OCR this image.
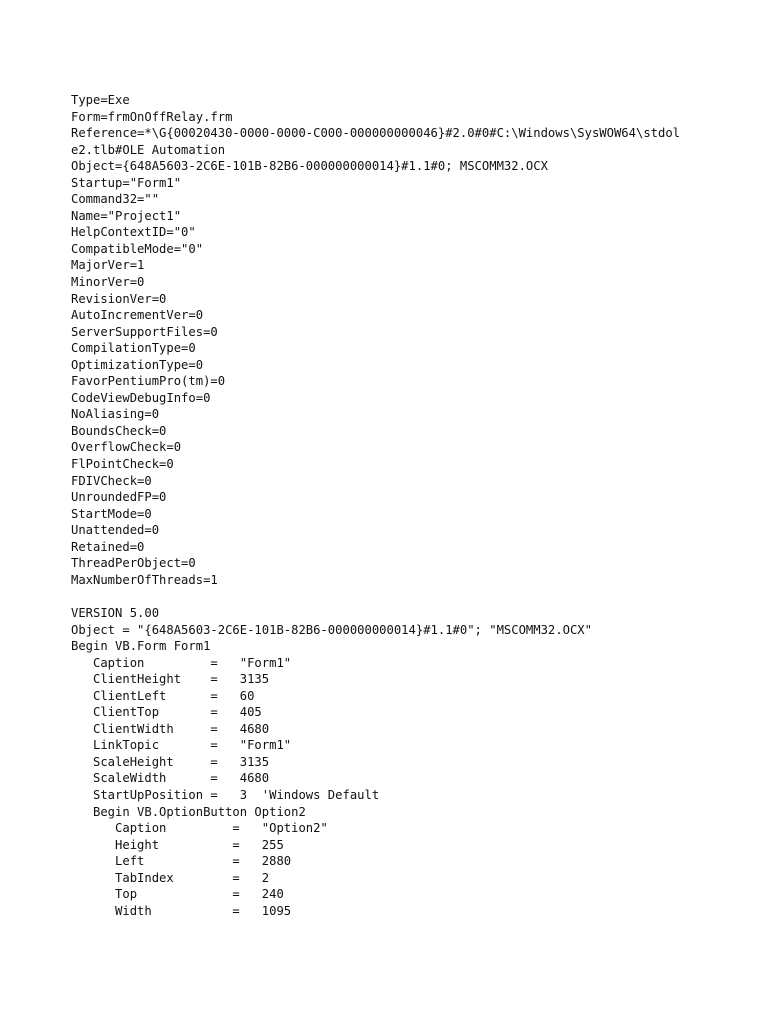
Type=Exe
Form=frmOnOffRelay.frm
Reference=*\G{00020430-0000-0000-C000-000000000046}#2.0#0#C:\Windows\SysWOW64\stdol
e2.tlb#OLE Automation
Object={648A5603-2C6E-101B-82B6-000000000014}#1.1#0; MSCOMM32.OCX
Startup="Form1"
Command32=""
Name="Project1"
HelpContextID="0"
CompatibleMode="0"
MajorVer=1
MinorVer=0
RevisionVer=0
AutoIncrementVer=0
ServerSupportFiles=0
CompilationType=0
OptimizationType=0
FavorPentiumPro(tm)=0
CodeViewDebugInfo=0
NoAliasing=0
BoundsCheck=0
OverflowCheck=0
FlPointCheck=0
FDIVCheck=0
UnroundedFP=0
StartMode=0
Unattended=0
Retained=0
ThreadPerObject=0
MaxNumberOfThreads=1
VERSION 5.00
Object = "{648A5603-2C6E-101B-82B6-000000000014}#1.1#0"; "MSCOMM32.OCX"
Begin VB.Form Form1
Caption         =   "Form1"
ClientHeight    =   3135
ClientLeft      =   60
ClientTop       =   405
ClientWidth     =   4680
LinkTopic       =   "Form1"
ScaleHeight     =   3135
ScaleWidth      =   4680
StartUpPosition =   3  'Windows Default
Begin VB.OptionButton Option2
Caption         =   "Option2"
Height          =   255
Left            =   2880
TabIndex        =   2
Top             =   240
Width           =   1095
